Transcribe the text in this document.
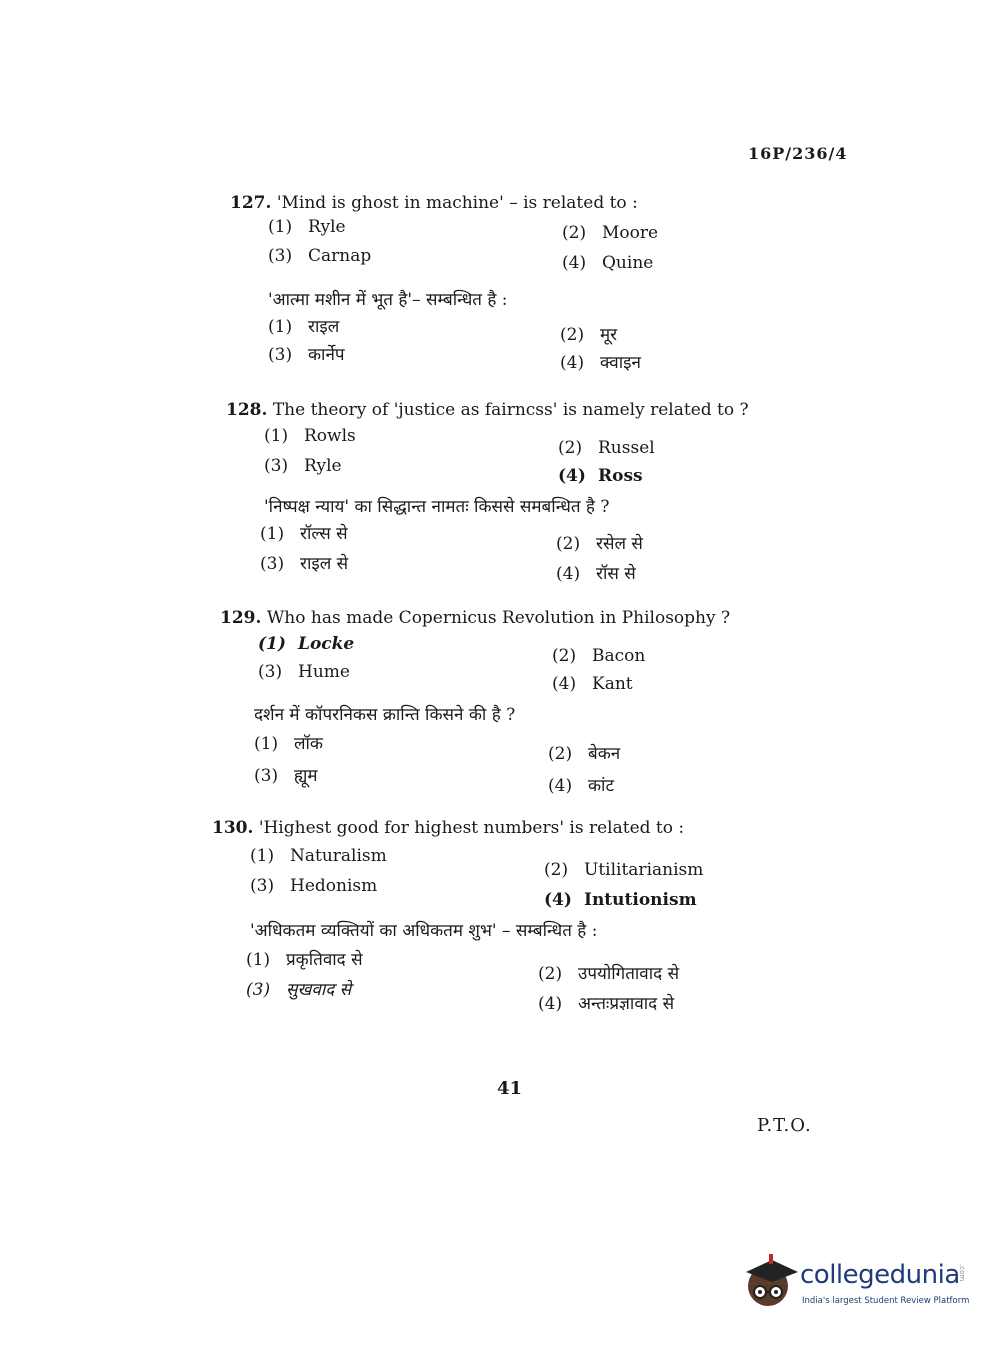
16P/236/4
127. 'Mind is ghost in machine' – is related to :
(1) Ryle	(2) Moore
(3) Carnap	(4) Quine
'आत्मा मशीन में भूत है'– सम्बन्धित है :
(1) राइल	(2) मूर
(3) कार्नेप	(4) क्वाइन
128. The theory of 'justice as fairncss' is namely related to ?
(1) Rowls
(2) Russel
(3) Ryle	(4) Ross
'निष्पक्ष न्याय' का सिद्धान्त नामतः किससे समबन्धित है ?
(1) रॉल्स से	(2) रसेल से
(3) राइल से	(4) रॉस से
129. Who has made Copernicus Revolution in Philosophy ?
(1) Locke
(2) Bacon
(3) Hume
(4) Kant
दर्शन में कॉपरनिकस क्रान्ति किसने की है ?
(1) लॉक	(2) बेकन
(3) ह्यूम	(4) कांट
130. 'Highest good for highest numbers' is related to :
(1) Naturalism
(2) Utilitarianism
(3) Hedonism
(4) Intutionism
'अधिकतम व्यक्तियों का अधिकतम शुभ' – सम्बन्धित है :
(1) प्रकृतिवाद से
(2) उपयोगितावाद से
(3) सुखवाद से
(4) अन्तःप्रज्ञावाद से
41
P.T.O.
collegedunia
.com
India's largest Student Review Platform
